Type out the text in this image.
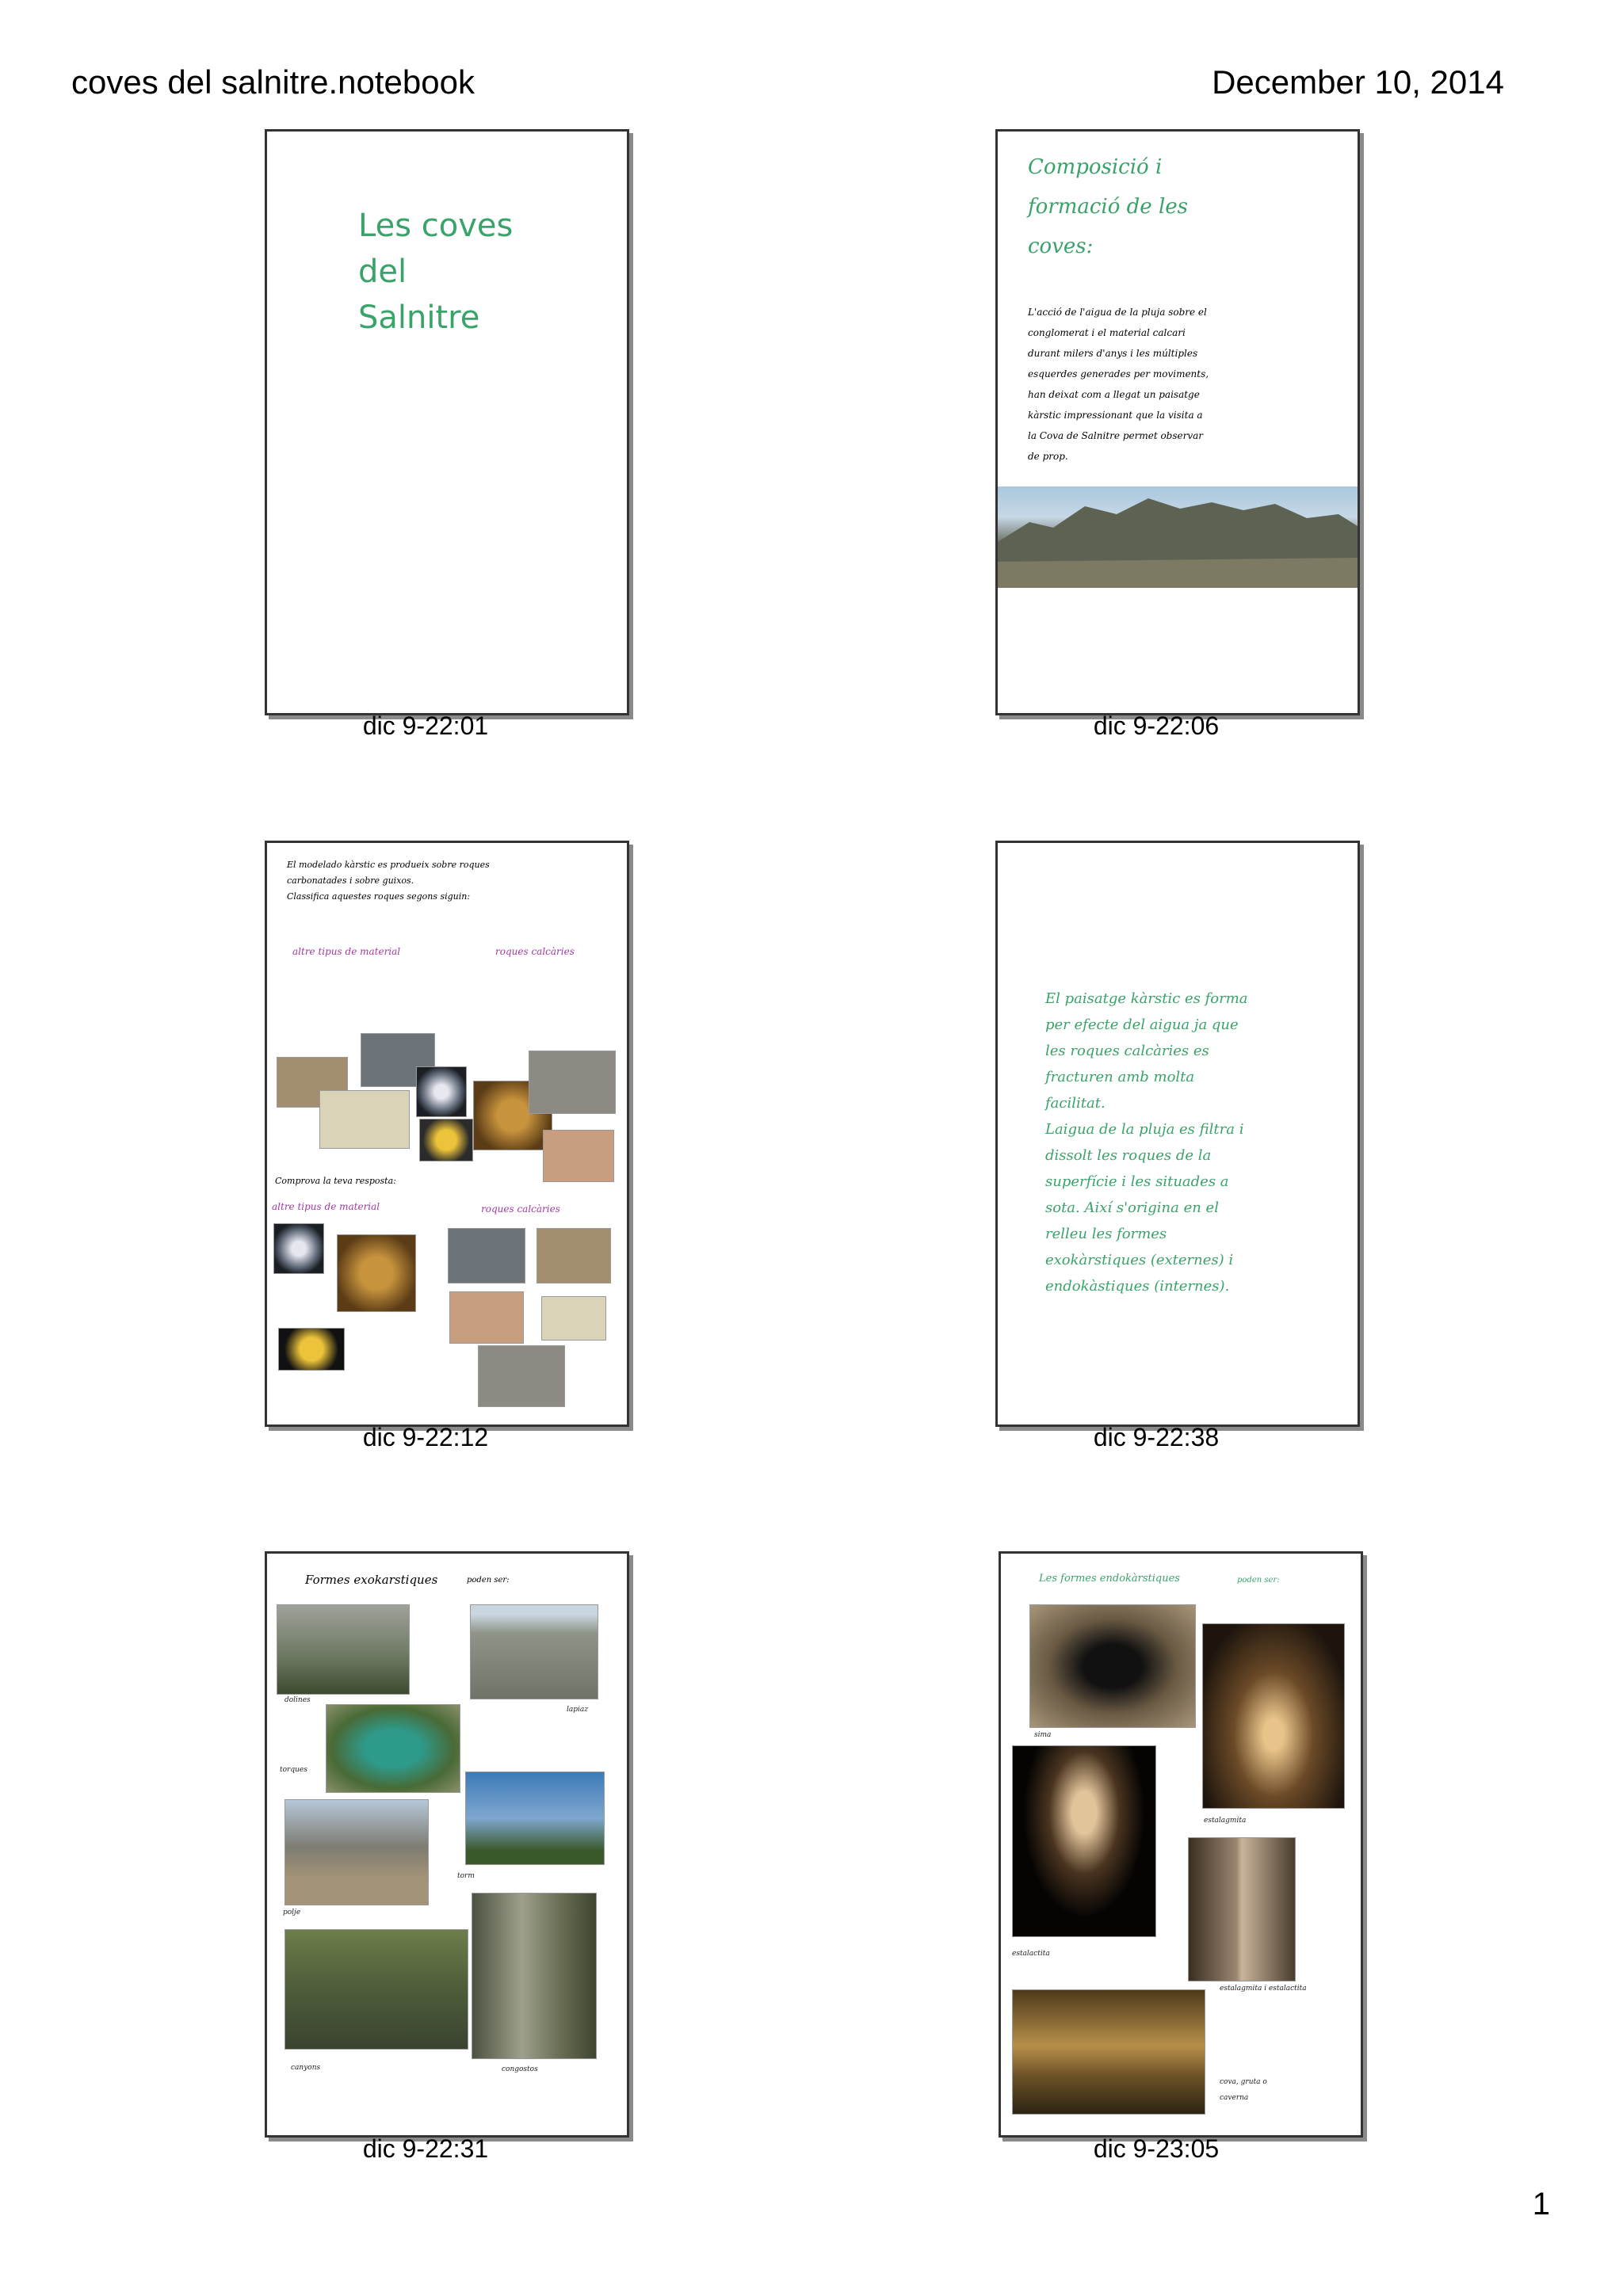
coves del salnitre.notebook	December 10, 2014
Les coves
del
Salnitre
dic 9-22:01
Composició i
formació de les
coves:
L'acció de l'aigua de la pluja sobre el
conglomerat i el material calcari
durant milers d'anys i les múltiples
esquerdes generades per moviments,
han deixat com a llegat un paisatge
kàrstic impressionant que la visita a
la Cova de Salnitre permet observar
de prop.
dic 9-22:06
El modelado kàrstic es produeix sobre roques
carbonatades i sobre guixos.
Classifica aquestes roques segons siguin:
altre tipus de material	roques calcàries
Comprova la teva resposta:
altre tipus de material	roques calcàries
dic 9-22:12
El paisatge kàrstic es forma
per efecte del aigua ja que
les roques calcàries es
fracturen amb molta
facilitat.
Laigua de la pluja es filtra i
dissolt les roques de la
superfície i les situades a
sota. Així s'origina en el
relleu les formes
exokàrstiques (externes) i
endokàstiques (internes).
dic 9-22:38
Formes exokarstiques	poden ser:
dolines
lapiaz
torques
torm
polje
canyons	congostos
dic 9-22:31
Les formes endokàrstiques	poden ser:
sima
estalagmita
estalactita
estalagmita i estalactita
cova, gruta o
caverna
dic 9-23:05
1
